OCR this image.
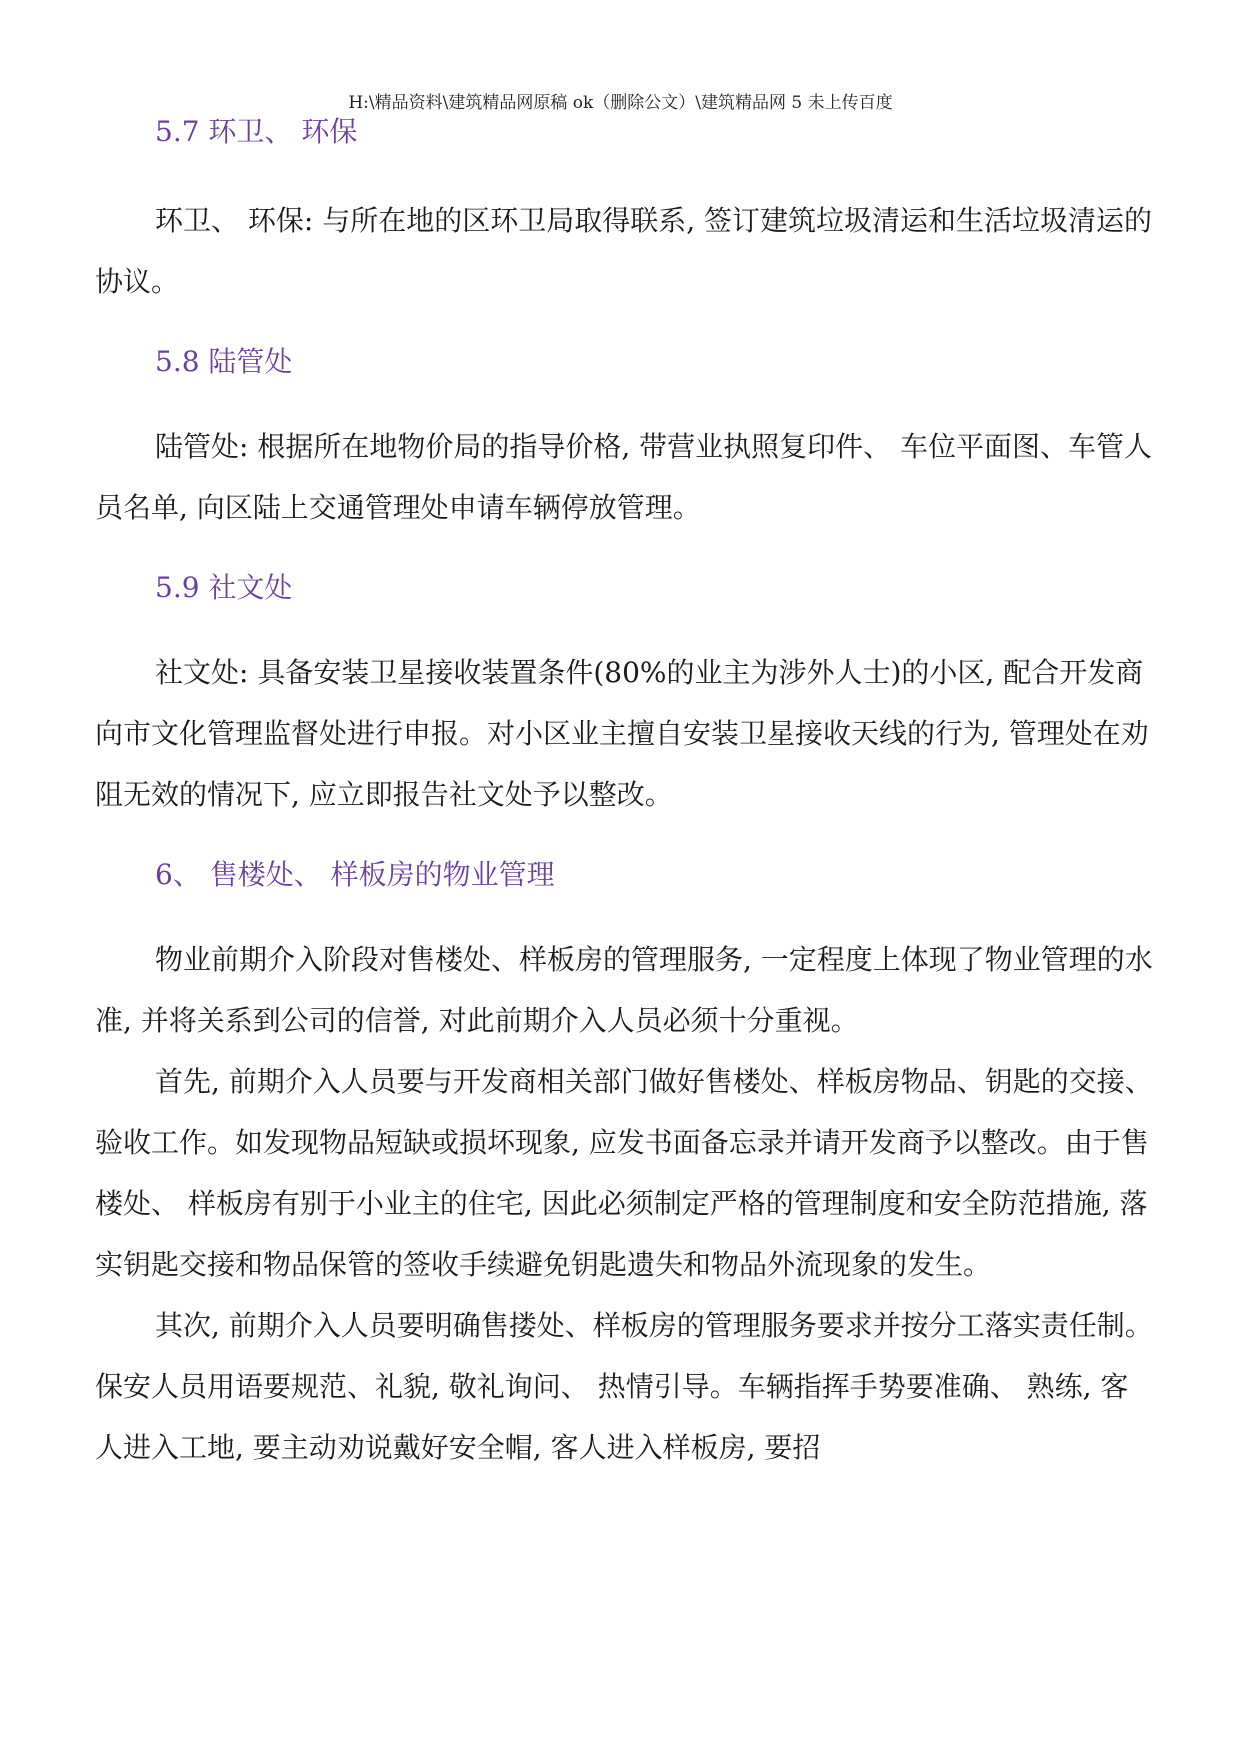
H:\精品资料\建筑精品网原稿 ok（删除公文）\建筑精品网 5 未上传百度
5.7 环卫、 环保

环卫、 环保: 与所在地的区环卫局取得联系, 签订建筑垃圾清运和生活垃圾清运的协议。

5.8 陆管处

陆管处: 根据所在地物价局的指导价格, 带营业执照复印件、 车位平面图、车管人员名单, 向区陆上交通管理处申请车辆停放管理。

5.9 社文处

社文处: 具备安装卫星接收装置条件(80%的业主为涉外人士)的小区, 配合开发商向市文化管理监督处进行申报。对小区业主擅自安装卫星接收天线的行为, 管理处在劝阻无效的情况下, 应立即报告社文处予以整改。

6、 售楼处、 样板房的物业管理

物业前期介入阶段对售楼处、样板房的管理服务, 一定程度上体现了物业管理的水准, 并将关系到公司的信誉, 对此前期介入人员必须十分重视。

首先, 前期介入人员要与开发商相关部门做好售楼处、样板房物品、钥匙的交接、 验收工作。如发现物品短缺或损坏现象, 应发书面备忘录并请开发商予以整改。由于售楼处、 样板房有别于小业主的住宅, 因此必须制定严格的管理制度和安全防范措施, 落实钥匙交接和物品保管的签收手续避免钥匙遗失和物品外流现象的发生。

其次, 前期介入人员要明确售搂处、样板房的管理服务要求并按分工落实责任制。保安人员用语要规范、礼貌, 敬礼询问、 热情引导。车辆指挥手势要准确、 熟练, 客人进入工地, 要主动劝说戴好安全帽, 客人进入样板房, 要招
